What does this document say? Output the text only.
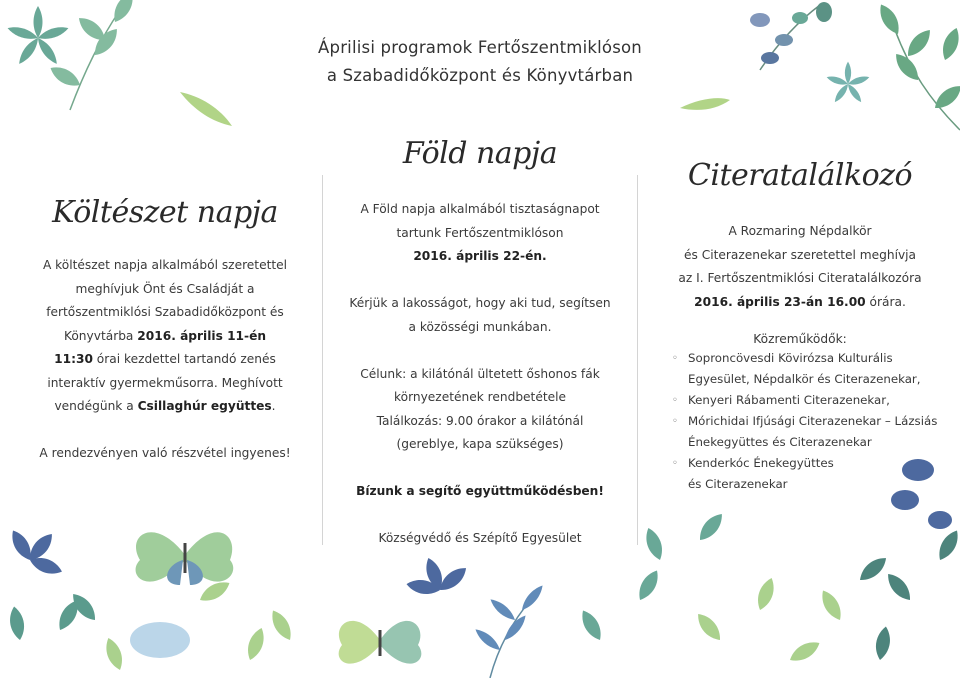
Áprilisi programok Fertőszentmiklóson
a Szabadidőközpont és Könyvtárban
Költészet napja

A költészet napja alkalmából szeretettel

meghívjuk Önt és Családját a

fertőszentmiklósi Szabadidőközpont és

Könyvtárba 2016. április 11-én

11:30 órai kezdettel tartandó zenés

interaktív gyermekműsorra. Meghívott

vendégünk a Csillaghúr együttes.

A rendezvényen való részvétel ingyenes!

Föld napja

A Föld napja alkalmából tisztaságnapot

tartunk Fertőszentmiklóson

2016. április 22-én.

Kérjük a lakosságot, hogy aki tud, segítsen

a közösségi munkában.

Célunk: a kilátónál ültetett őshonos fák

környezetének rendbetétele

Találkozás: 9.00 órakor a kilátónál

(gereblye, kapa szükséges)

Bízunk a segítő együttműködésben!

Községvédő és Szépítő Egyesület

Citeratalálkozó

A Rozmaring Népdalkör

és Citerazenekar szeretettel meghívja

az I. Fertőszentmiklósi Citeratalálkozóra

2016. április 23-án 16.00 órára.

Közreműködők:

◦ Soproncövesdi Kövirózsa Kulturális
Egyesület, Népdalkör és Citerazenekar,
◦ Kenyeri Rábamenti Citerazenekar,
◦ Mórichidai Ifjúsági Citerazenekar – Lázsiás
Énekegyüttes és Citerazenekar
◦ Kenderkóc Énekegyüttes
és Citerazenekar
